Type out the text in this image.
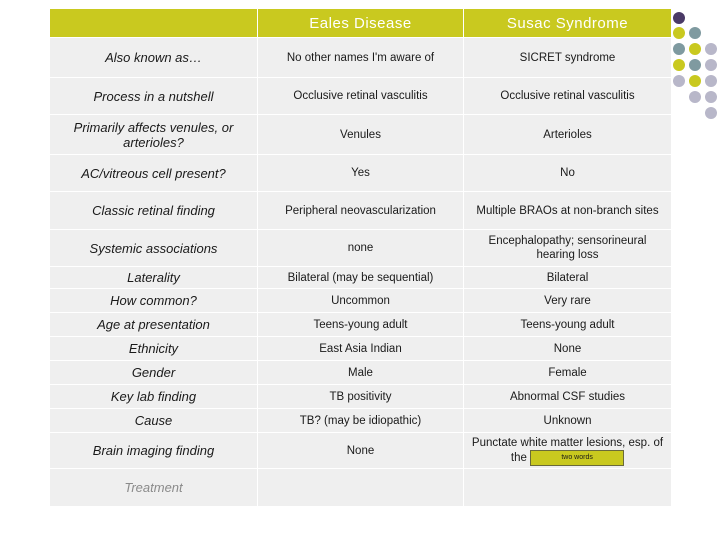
	Eales Disease	Susac Syndrome
Also known as…	No other names I'm aware of	SICRET syndrome
Process in a nutshell	Occlusive retinal vasculitis	Occlusive retinal vasculitis
Primarily affects venules, or arterioles?	Venules	Arterioles
AC/vitreous cell present?	Yes	No
Classic retinal finding	Peripheral neovascularization	Multiple BRAOs at non-branch sites
Systemic associations	none	Encephalopathy; sensorineural hearing loss
Laterality	Bilateral (may be sequential)	Bilateral
How common?	Uncommon	Very rare
Age at presentation	Teens-young adult	Teens-young adult
Ethnicity	East Asia Indian	None
Gender	Male	Female
Key lab finding	TB positivity	Abnormal CSF studies
Cause	TB? (may be idiopathic)	Unknown
Brain imaging finding	None	Punctate white matter lesions, esp. of the two words
Treatment		
